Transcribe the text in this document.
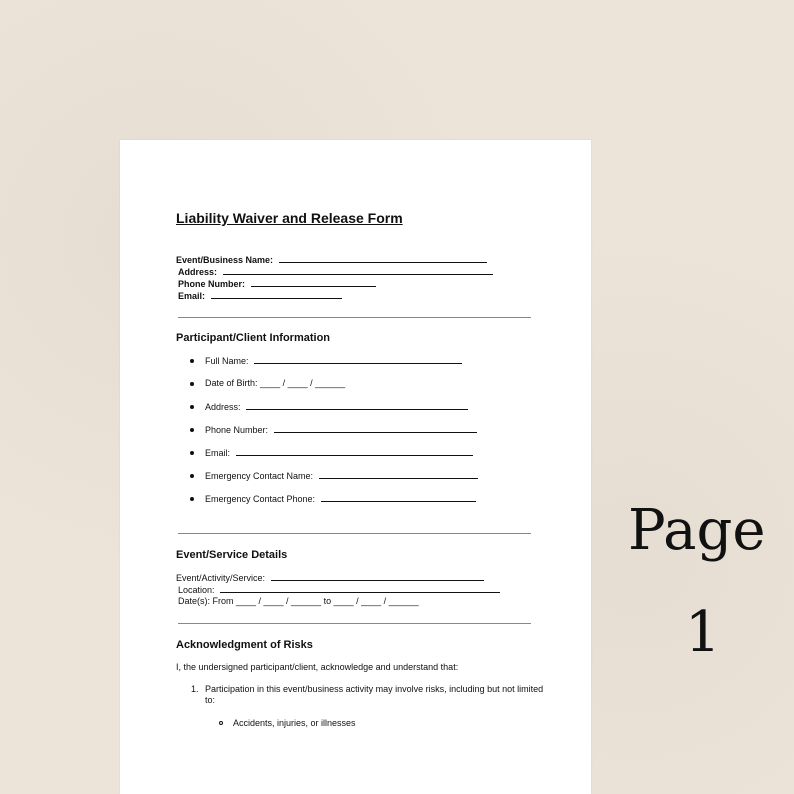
Liability Waiver and Release Form
Event/Business Name:
Address:
Phone Number:
Email:
Participant/Client Information
Full Name:
Date of Birth: ____ / ____ / ______
Address:
Phone Number:
Email:
Emergency Contact Name:
Emergency Contact Phone:
Event/Service Details
Event/Activity/Service:
Location:
Date(s): From ____ / ____ / ______ to ____ / ____ / ______
Acknowledgment of Risks
I, the undersigned participant/client, acknowledge and understand that:
1. Participation in this event/business activity may involve risks, including but not limited
to:
Accidents, injuries, or illnesses
Page
1
